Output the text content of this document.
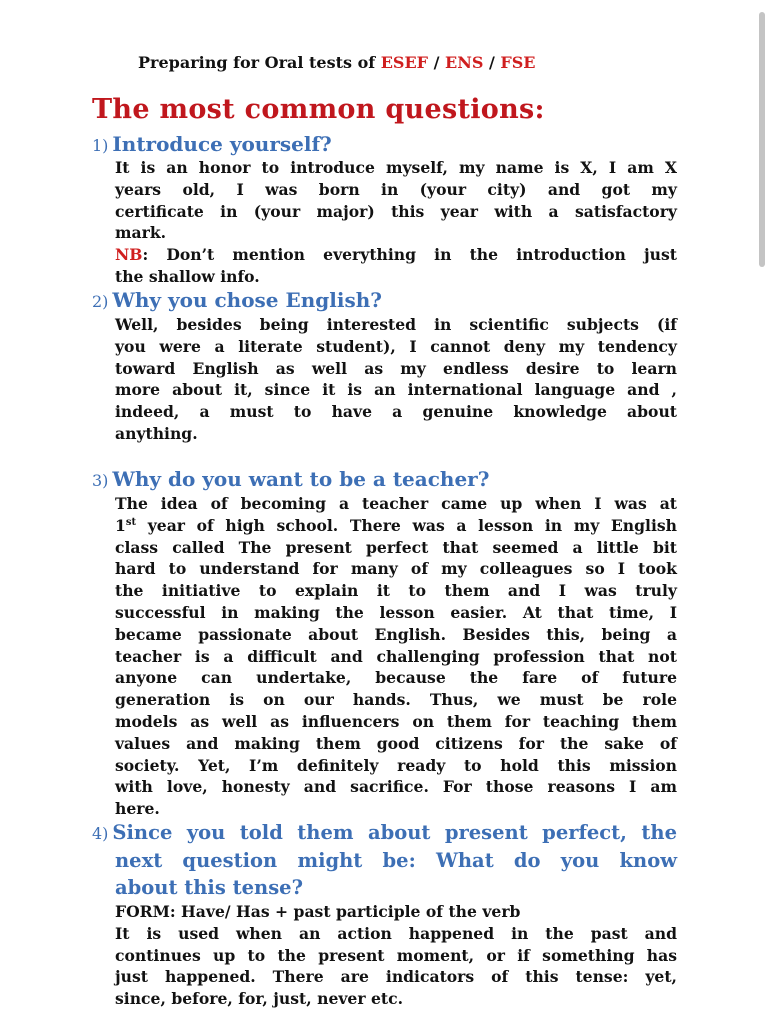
Preparing for Oral tests of ESEF / ENS / FSE
The most common questions:
1) Introduce yourself?
It is an honor to introduce myself, my name is X, I am X
years old, I was born in (your city) and got my
certificate in (your major) this year with a satisfactory
mark.
NB: Don’t mention everything in the introduction just
the shallow info.
2) Why you chose English?
Well, besides being interested in scientific subjects (if
you were a literate student), I cannot deny my tendency
toward English as well as my endless desire to learn
more about it, since it is an international language and ,
indeed, a must to have a genuine knowledge about
anything.
3) Why do you want to be a teacher?
The idea of becoming a teacher came up when I was at
1st year of high school. There was a lesson in my English
class called The present perfect that seemed a little bit
hard to understand for many of my colleagues so I took
the initiative to explain it to them and I was truly
successful in making the lesson easier. At that time, I
became passionate about English. Besides this, being a
teacher is a difficult and challenging profession that not
anyone can undertake, because the fare of future
generation is on our hands. Thus, we must be role
models as well as influencers on them for teaching them
values and making them good citizens for the sake of
society. Yet, I’m definitely ready to hold this mission
with love, honesty and sacrifice. For those reasons I am
here.
4) Since you told them about present perfect, the
next question might be: What do you know
about this tense?
FORM: Have/ Has + past participle of the verb
It is used when an action happened in the past and
continues up to the present moment, or if something has
just happened. There are indicators of this tense: yet,
since, before, for, just, never etc.
